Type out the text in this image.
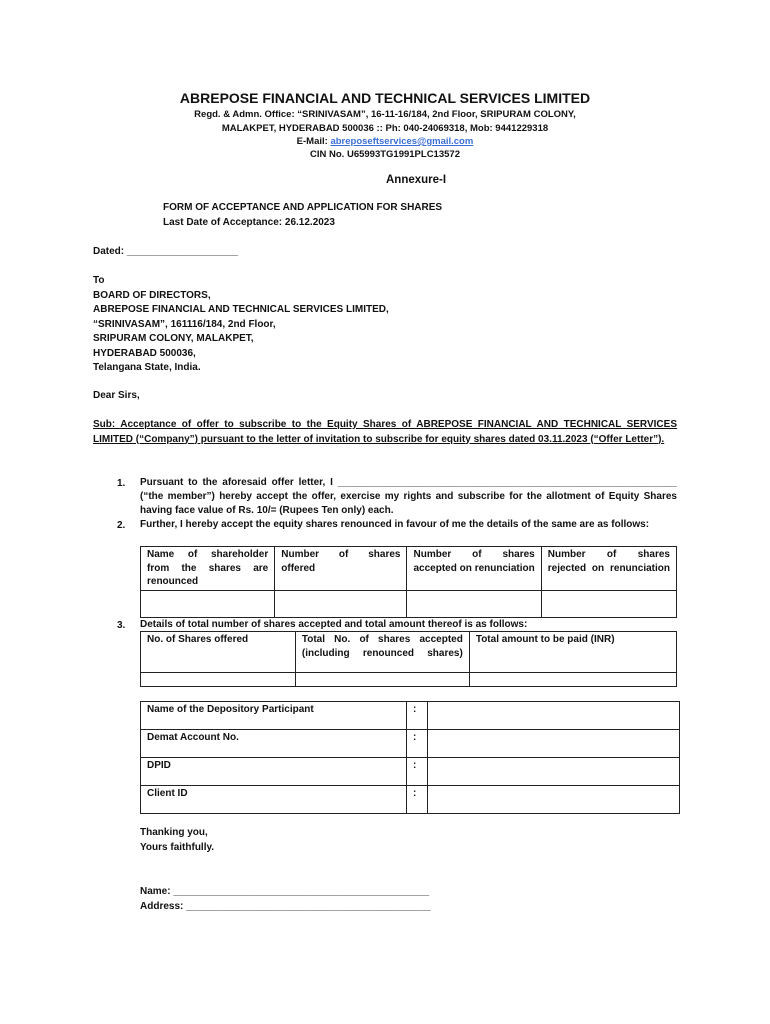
ABREPOSE FINANCIAL AND TECHNICAL SERVICES LIMITED
Regd. & Admn. Office: “SRINIVASAM”, 16-11-16/184, 2nd Floor, SRIPURAM COLONY,
MALAKPET, HYDERABAD 500036 :: Ph: 040-24069318, Mob: 9441229318
E-Mail: abreposeftservices@gmail.com
CIN No. U65993TG1991PLC13572
Annexure-I
FORM OF ACCEPTANCE AND APPLICATION FOR SHARES
Last Date of Acceptance: 26.12.2023
Dated: ____________________
To
BOARD OF DIRECTORS,
ABREPOSE FINANCIAL AND TECHNICAL SERVICES LIMITED,
“SRINIVASAM”, 161116/184, 2nd Floor,
SRIPURAM COLONY, MALAKPET,
HYDERABAD 500036,
Telangana State, India.
Dear Sirs,
Sub: Acceptance of offer to subscribe to the Equity Shares of ABREPOSE FINANCIAL AND TECHNICAL SERVICES LIMITED (“Company”) pursuant to the letter of invitation to subscribe for equity shares dated 03.11.2023 (“Offer Letter”).
1. Pursuant to the aforesaid offer letter, I _____________________________________________________________ (“the member”) hereby accept the offer, exercise my rights and subscribe for the allotment of Equity Shares having face value of Rs. 10/= (Rupees Ten only) each.
2. Further, I hereby accept the equity shares renounced in favour of me the details of the same are as follows:
Name of shareholder from the shares are renounced	Number of shares offered	Number of shares accepted on renunciation	Number of shares rejected on renunciation

3. Details of total number of shares accepted and total amount thereof is as follows:
No. of Shares offered	Total No. of shares accepted (including renounced shares)	Total amount to be paid (INR)

Name of the Depository Participant	:	
Demat Account No.	:	
DPID	:	
Client ID	:	
Thanking you,
Yours faithfully.
Name: ______________________________________________
Address: ____________________________________________
